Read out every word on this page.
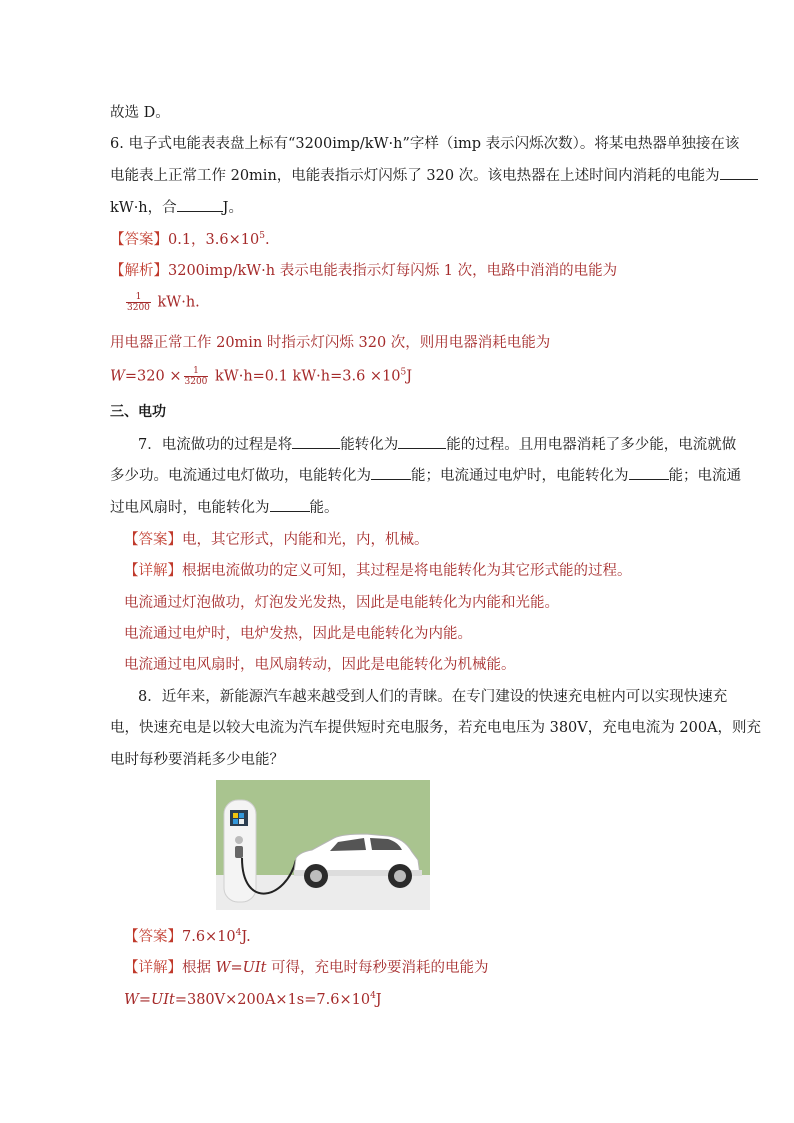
故选 D。
6. 电子式电能表表盘上标有“3200imp/kW·h”字样（imp 表示闪烁次数）。将某电热器单独接在该
电能表上正常工作 20min，电能表指示灯闪烁了 320 次。该电热器在上述时间内消耗的电能为
kW·h，合	J。
【答案】0.1，$3.6\times 10^5$.
【解析】3200imp/kW·h 表示电能表指示灯每闪烁 1 次，电路中消消的电能为
$\frac{1}{3200} kW\cdot h$.
用电器正常工作 20min 时指示灯闪烁 320 次，则用电器消耗电能为
$W=320 \times \frac{1}{3200} kW\cdot h=0.1$ $kW\cdot h=3.6 \times 10^5J$
三、电功
7．电流做功的过程是将	能转化为	能的过程。且用电器消耗了多少能，电流就做
多少功。电流通过电灯做功，电能转化为	能；电流通过电炉时，电能转化为	能；电流通
过电风扇时，电能转化为	能。
【答案】电，其它形式，内能和光，内，机械。
【详解】根据电流做功的定义可知，其过程是将电能转化为其它形式能的过程。
电流通过灯泡做功，灯泡发光发热，因此是电能转化为内能和光能。
电流通过电炉时，电炉发热，因此是电能转化为内能。
电流通过电风扇时，电风扇转动，因此是电能转化为机械能。
8．近年来，新能源汽车越来越受到人们的青睐。在专门建设的快速充电桩内可以实现快速充
电，快速充电是以较大电流为汽车提供短时充电服务，若充电电压为 380V，充电电流为 200A，则充
电时每秒要消耗多少电能？
【答案】$7.6\times 10^4J$.
【详解】根据 W=UIt 可得，充电时每秒要消耗的电能为
$W=UIt=380V\times 200A\times 1s=7.6\times 10^4J$
